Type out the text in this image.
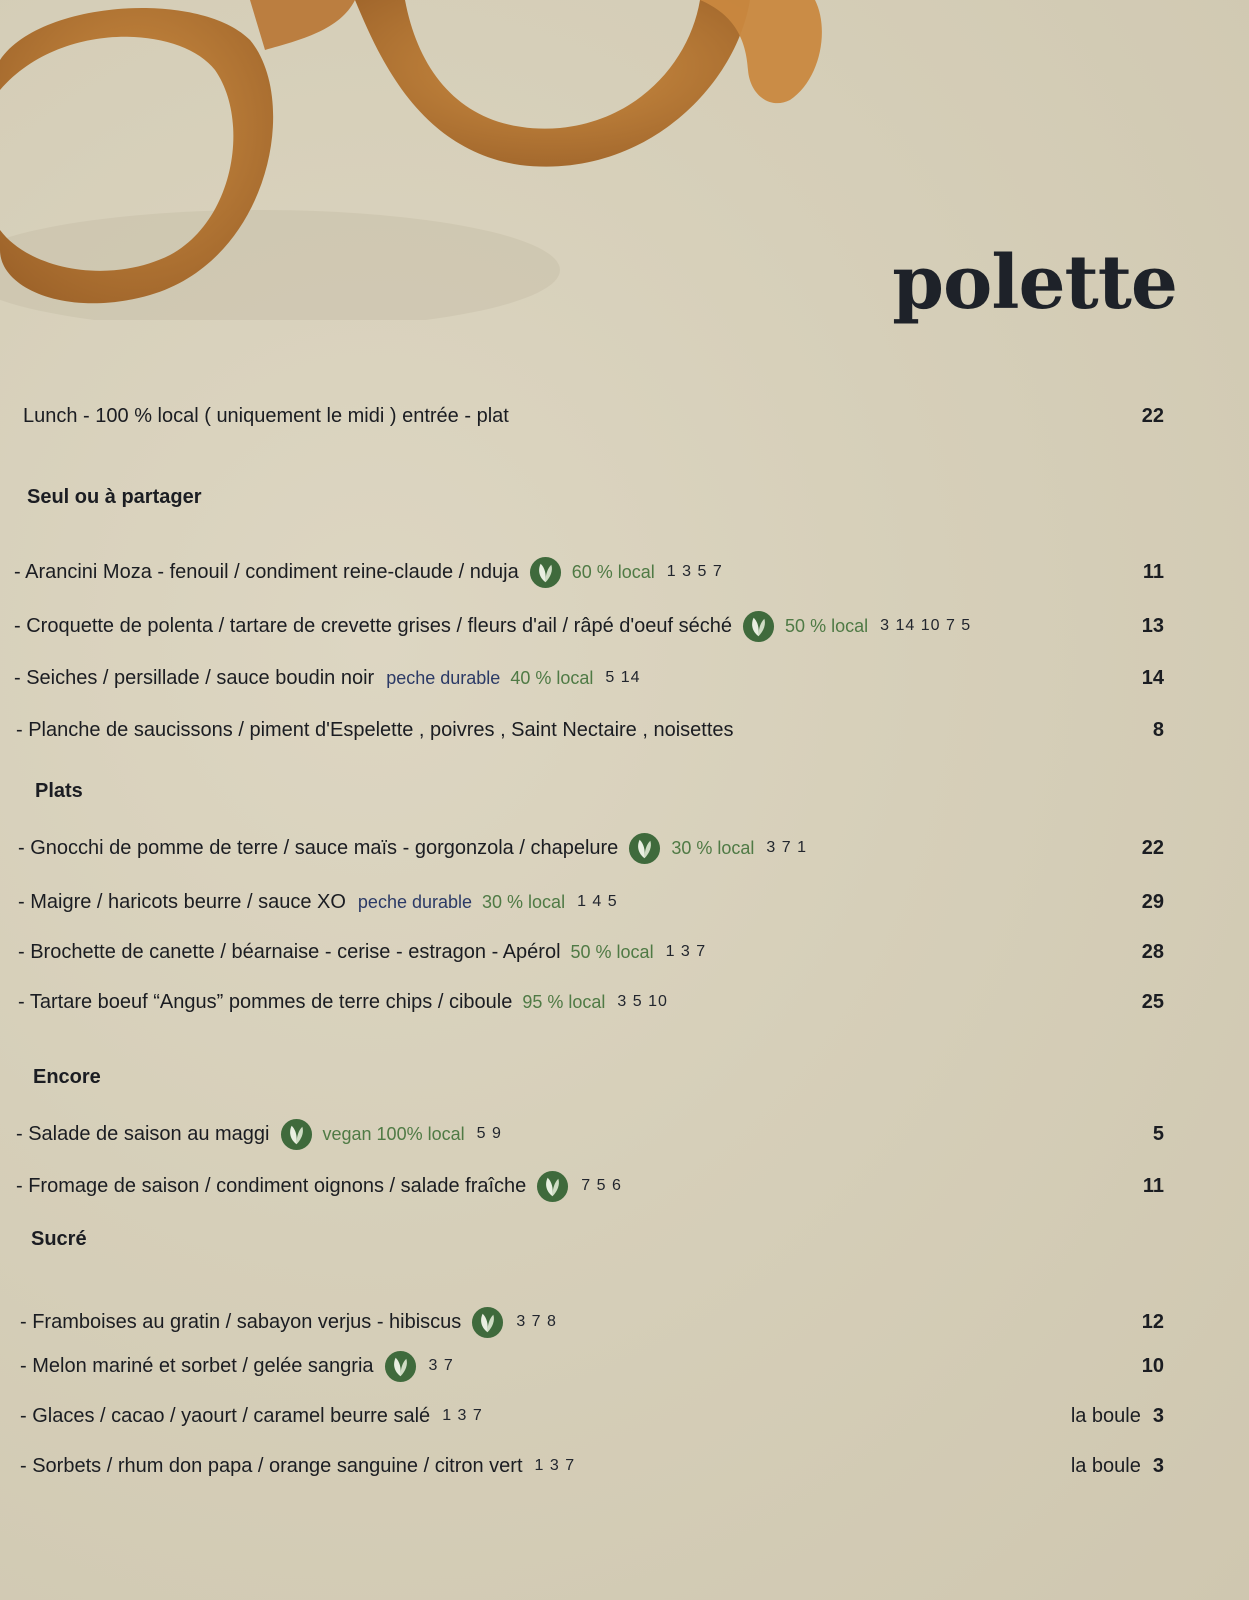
polette
Lunch - 100 % local ( uniquement le midi ) entrée - plat	22
Seul ou à partager
- Arancini Moza - fenouil / condiment reine-claude / nduja	60 % local 1 3 5 7	11
- Croquette de polenta / tartare de crevette grises / fleurs d'ail / râpé d'oeuf séché	50 % local 3 14 10 7 5	13
- Seiches / persillade / sauce boudin noir peche durable 40 % local 5 14	14
- Planche de saucissons / piment d'Espelette , poivres , Saint Nectaire , noisettes	8
Plats
- Gnocchi de pomme de terre / sauce maïs - gorgonzola / chapelure	30 % local 3 7 1	22
- Maigre / haricots beurre / sauce XO peche durable 30 % local 1 4 5	29
- Brochette de canette / béarnaise - cerise - estragon - Apérol 50 % local 1 3 7	28
- Tartare boeuf “Angus” pommes de terre chips / ciboule 95 % local 3 5 10	25
Encore
- Salade de saison au maggi	vegan 100% local 5 9	5
- Fromage de saison / condiment oignons / salade fraîche	7 5 6	11
Sucré
- Framboises au gratin / sabayon verjus - hibiscus	3 7 8	12
- Melon mariné et sorbet / gelée sangria	3 7	10
- Glaces / cacao / yaourt / caramel beurre salé 1 3 7	la boule 3
- Sorbets / rhum don papa / orange sanguine / citron vert 1 3 7	la boule 3
